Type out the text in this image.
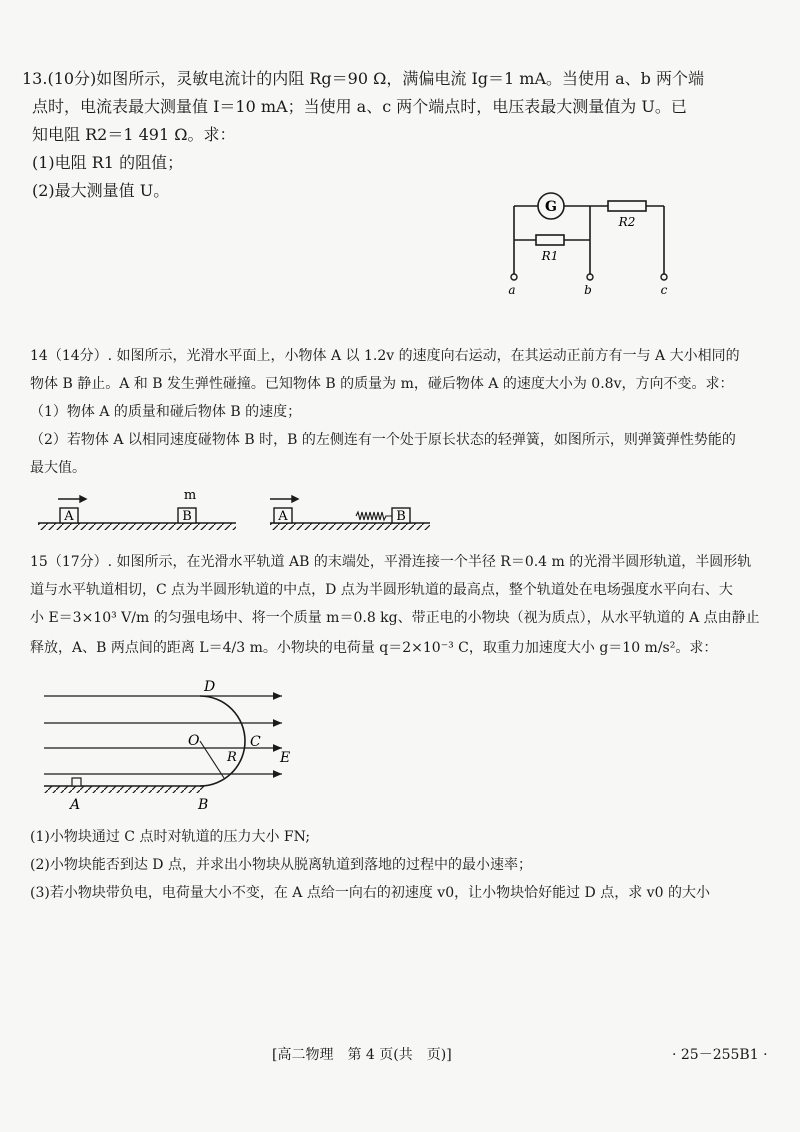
13.(10分)如图所示，灵敏电流计的内阻 Rg＝90 Ω，满偏电流 Ig＝1 mA。当使用 a、b 两个端
点时，电流表最大测量值 I＝10 mA；当使用 a、c 两个端点时，电压表最大测量值为 U。已
知电阻 R2＝1 491 Ω。求：
(1)电阻 R1 的阻值；
(2)最大测量值 U。
G
R2
R1
a	b	c
14（14分）. 如图所示，光滑水平面上，小物体 A 以 1.2v 的速度向右运动，在其运动正前方有一与 A 大小相同的
物体 B 静止。A 和 B 发生弹性碰撞。已知物体 B 的质量为 m，碰后物体 A 的速度大小为 0.8v，方向不变。求：
（1）物体 A 的质量和碰后物体 B 的速度；
（2）若物体 A 以相同速度碰物体 B 时，B 的左侧连有一个处于原长状态的轻弹簧，如图所示，则弹簧弹性势能的
最大值。
A	B
m
A	B
15（17分）. 如图所示，在光滑水平轨道 AB 的末端处，平滑连接一个半径 R＝0.4 m 的光滑半圆形轨道，半圆形轨
道与水平轨道相切，C 点为半圆形轨道的中点，D 点为半圆形轨道的最高点，整个轨道处在电场强度水平向右、大
小 E＝3×10³ V/m 的匀强电场中、将一个质量 m＝0.8 kg、带正电的小物块（视为质点），从水平轨道的 A 点由静止
释放，A、B 两点间的距离 L＝4/3 m。小物块的电荷量 q＝2×10⁻³ C，取重力加速度大小 g＝10 m/s²。求：
D
O	C
R	E
A	B
(1)小物块通过 C 点时对轨道的压力大小 FN;
(2)小物块能否到达 D 点，并求出小物块从脱离轨道到落地的过程中的最小速率；
(3)若小物块带负电，电荷量大小不变，在 A 点给一向右的初速度 v0，让小物块恰好能过 D 点，求 v0 的大小
[高二物理　第 4 页(共　页)]	· 25－255B1 ·
